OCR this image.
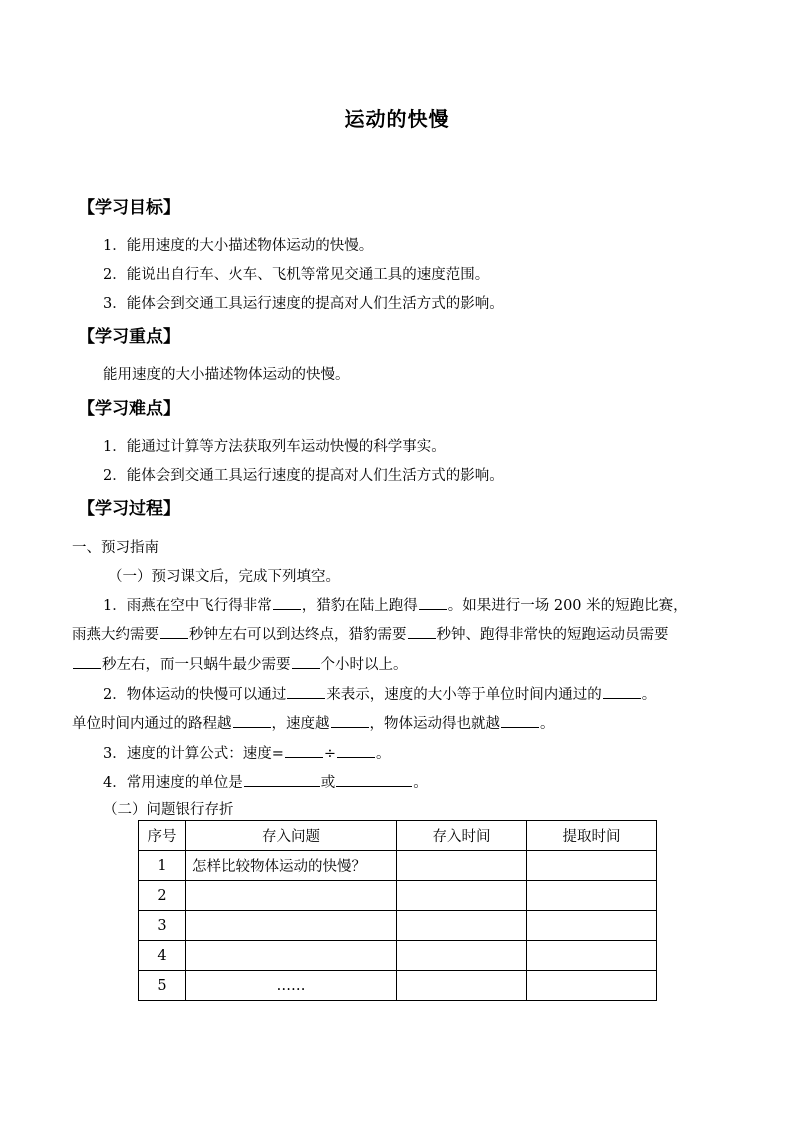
运动的快慢
【学习目标】
1．能用速度的大小描述物体运动的快慢。
2．能说出自行车、火车、飞机等常见交通工具的速度范围。
3．能体会到交通工具运行速度的提高对人们生活方式的影响。
【学习重点】
能用速度的大小描述物体运动的快慢。
【学习难点】
1．能通过计算等方法获取列车运动快慢的科学事实。
2．能体会到交通工具运行速度的提高对人们生活方式的影响。
【学习过程】
一、预习指南
（一）预习课文后，完成下列填空。
1．雨燕在空中飞行得非常 ，猎豹在陆上跑得 。如果进行一场 200 米的短跑比赛，
雨燕大约需要 秒钟左右可以到达终点，猎豹需要 秒钟、跑得非常快的短跑运动员需要
秒左右，而一只蜗牛最少需要 个小时以上。
2．物体运动的快慢可以通过	来表示，速度的大小等于单位时间内通过的	。
单位时间内通过的路程越	，速度越	，物体运动得也就越	。
3．速度的计算公式：速度=	÷	。
4．常用速度的单位是	或	。
（二）问题银行存折
序号	存入问题	存入时间	提取时间
1	怎样比较物体运动的快慢？		
2			
3			
4			
5	……		
